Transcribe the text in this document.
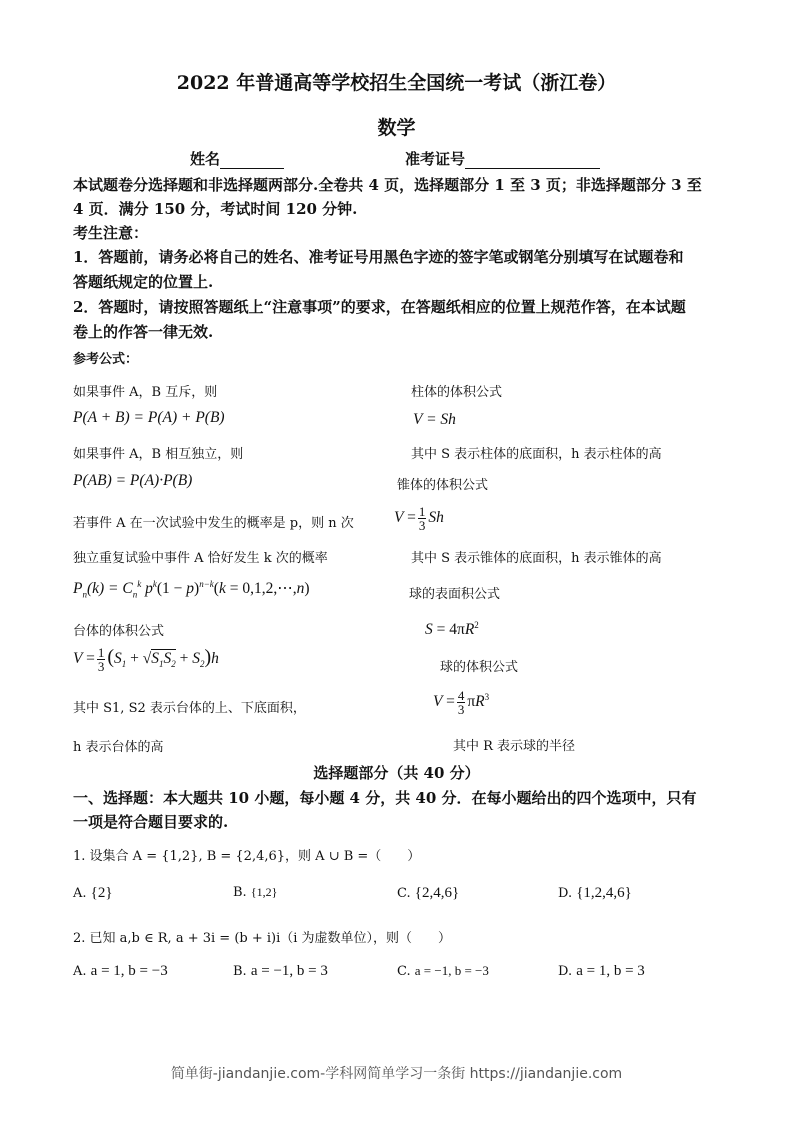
2022 年普通高等学校招生全国统一考试（浙江卷）
数学
姓名	准考证号
本试题卷分选择题和非选择题两部分.全卷共 4 页，选择题部分 1 至 3 页；非选择题部分 3 至
4 页．满分 150 分，考试时间 120 分钟.
考生注意：
1．答题前，请务必将自己的姓名、准考证号用黑色字迹的签字笔或钢笔分别填写在试题卷和
答题纸规定的位置上.
2．答题时，请按照答题纸上“注意事项”的要求，在答题纸相应的位置上规范作答，在本试题
卷上的作答一律无效.
参考公式：
如果事件 A，B 互斥，则
P(A + B) = P(A) + P(B)
如果事件 A，B 相互独立，则
P(AB) = P(A)·P(B)
若事件 A 在一次试验中发生的概率是 p，则 n 次
独立重复试验中事件 A 恰好发生 k 次的概率
$P_n(k) = C_n^k$ $p^k(1 - p)^{n-k}(k$ = 0,1,2,⋯,n)
台体的体积公式
$V = \frac{1}{3} (S_1 + √S_1S_2 + S_2)h$
其中 S1, S2 表示台体的上、下底面积，
h 表示台体的高
柱体的体积公式
V = Sh
其中 S 表示柱体的底面积，h 表示柱体的高
锥体的体积公式
$V = \frac{1}{3}$ Sh
其中 S 表示锥体的底面积，h 表示锥体的高
球的表面积公式
$S = 4\pi R^2$
球的体积公式
$V = \frac{4}{3} \pi R^3$
其中 R 表示球的半径
选择题部分（共 40 分）
一、选择题：本大题共 10 小题，每小题 4 分，共 40 分．在每小题给出的四个选项中，只有
一项是符合题目要求的.
1. 设集合 A = {1,2}, B = {2,4,6}，则 A ∪ B =（　　）
A. {2}	B. {1,2}	C. {2,4,6}	D. {1,2,4,6}
2. 已知 a,b ∈ R, a + 3i = (b + i)i（i 为虚数单位），则（　　）
A. a = 1, b = −3	B. a = −1, b = 3	C. a = −1, b = −3	D. a = 1, b = 3
简单街-jiandanjie.com-学科网简单学习一条街 https://jiandanjie.com
